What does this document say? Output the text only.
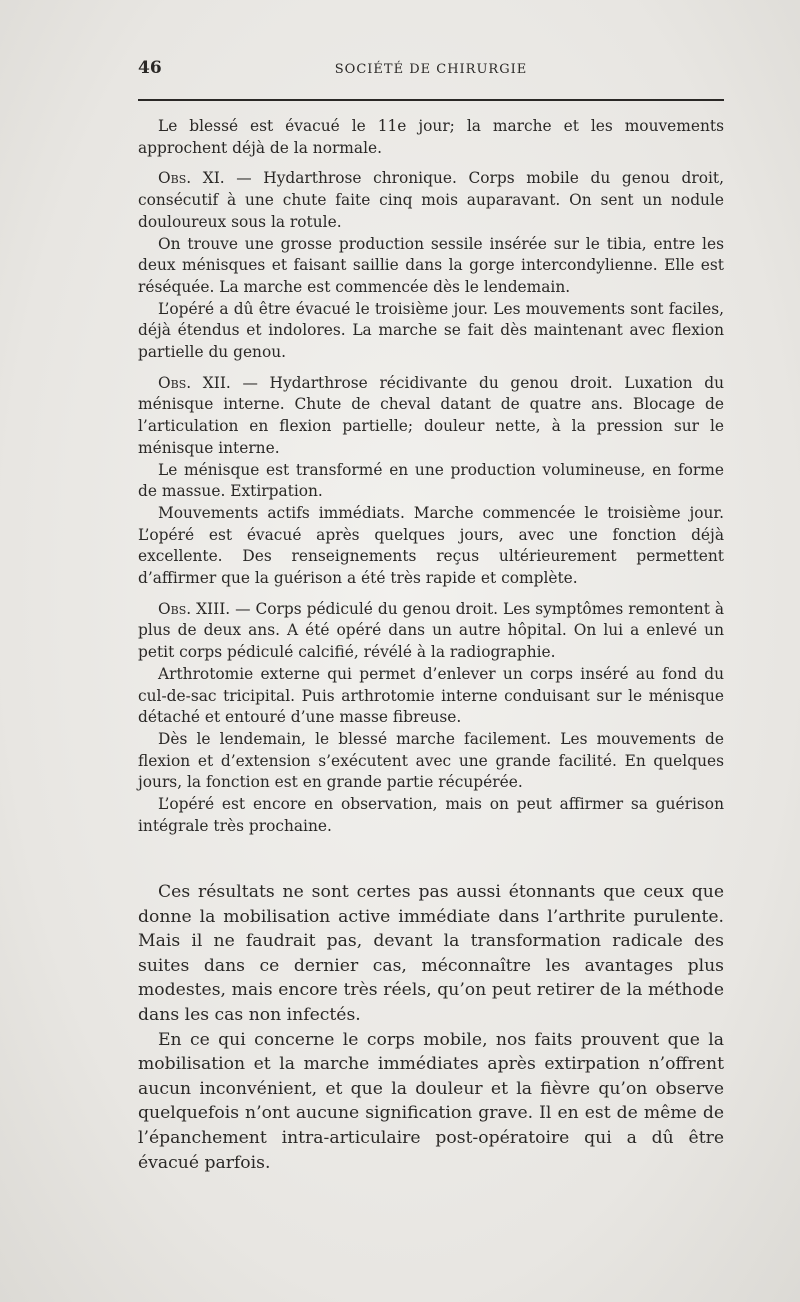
46	SOCIÉTÉ DE CHIRURGIE

Le blessé est évacué le 11e jour; la marche et les mouvements approchent déjà de la normale.

Obs. XI. — Hydarthrose chronique. Corps mobile du genou droit, consécutif à une chute faite cinq mois auparavant. On sent un nodule douloureux sous la rotule.

On trouve une grosse production sessile insérée sur le tibia, entre les deux ménisques et faisant saillie dans la gorge intercondylienne. Elle est réséquée. La marche est commencée dès le lendemain.

L’opéré a dû être évacué le troisième jour. Les mouvements sont faciles, déjà étendus et indolores. La marche se fait dès maintenant avec flexion partielle du genou.

Obs. XII. — Hydarthrose récidivante du genou droit. Luxation du ménisque interne. Chute de cheval datant de quatre ans. Blocage de l’articulation en flexion partielle; douleur nette, à la pression sur le ménisque interne.

Le ménisque est transformé en une production volumineuse, en forme de massue. Extirpation.

Mouvements actifs immédiats. Marche commencée le troisième jour. L’opéré est évacué après quelques jours, avec une fonction déjà excellente. Des renseignements reçus ultérieurement permettent d’affirmer que la guérison a été très rapide et complète.

Obs. XIII. — Corps pédiculé du genou droit. Les symptômes remontent à plus de deux ans. A été opéré dans un autre hôpital. On lui a enlevé un petit corps pédiculé calcifié, révélé à la radiographie.

Arthrotomie externe qui permet d’enlever un corps inséré au fond du cul-de-sac tricipital. Puis arthrotomie interne conduisant sur le ménisque détaché et entouré d’une masse fibreuse.

Dès le lendemain, le blessé marche facilement. Les mouvements de flexion et d’extension s’exécutent avec une grande facilité. En quelques jours, la fonction est en grande partie récupérée.

L’opéré est encore en observation, mais on peut affirmer sa guérison intégrale très prochaine.

Ces résultats ne sont certes pas aussi étonnants que ceux que donne la mobilisation active immédiate dans l’arthrite purulente. Mais il ne faudrait pas, devant la transformation radicale des suites dans ce dernier cas, méconnaître les avantages plus modestes, mais encore très réels, qu’on peut retirer de la méthode dans les cas non infectés.

En ce qui concerne le corps mobile, nos faits prouvent que la mobilisation et la marche immédiates après extirpation n’offrent aucun inconvénient, et que la douleur et la fièvre qu’on observe quelquefois n’ont aucune signification grave. Il en est de même de l’épanchement intra-articulaire post-opératoire qui a dû être évacué parfois.
